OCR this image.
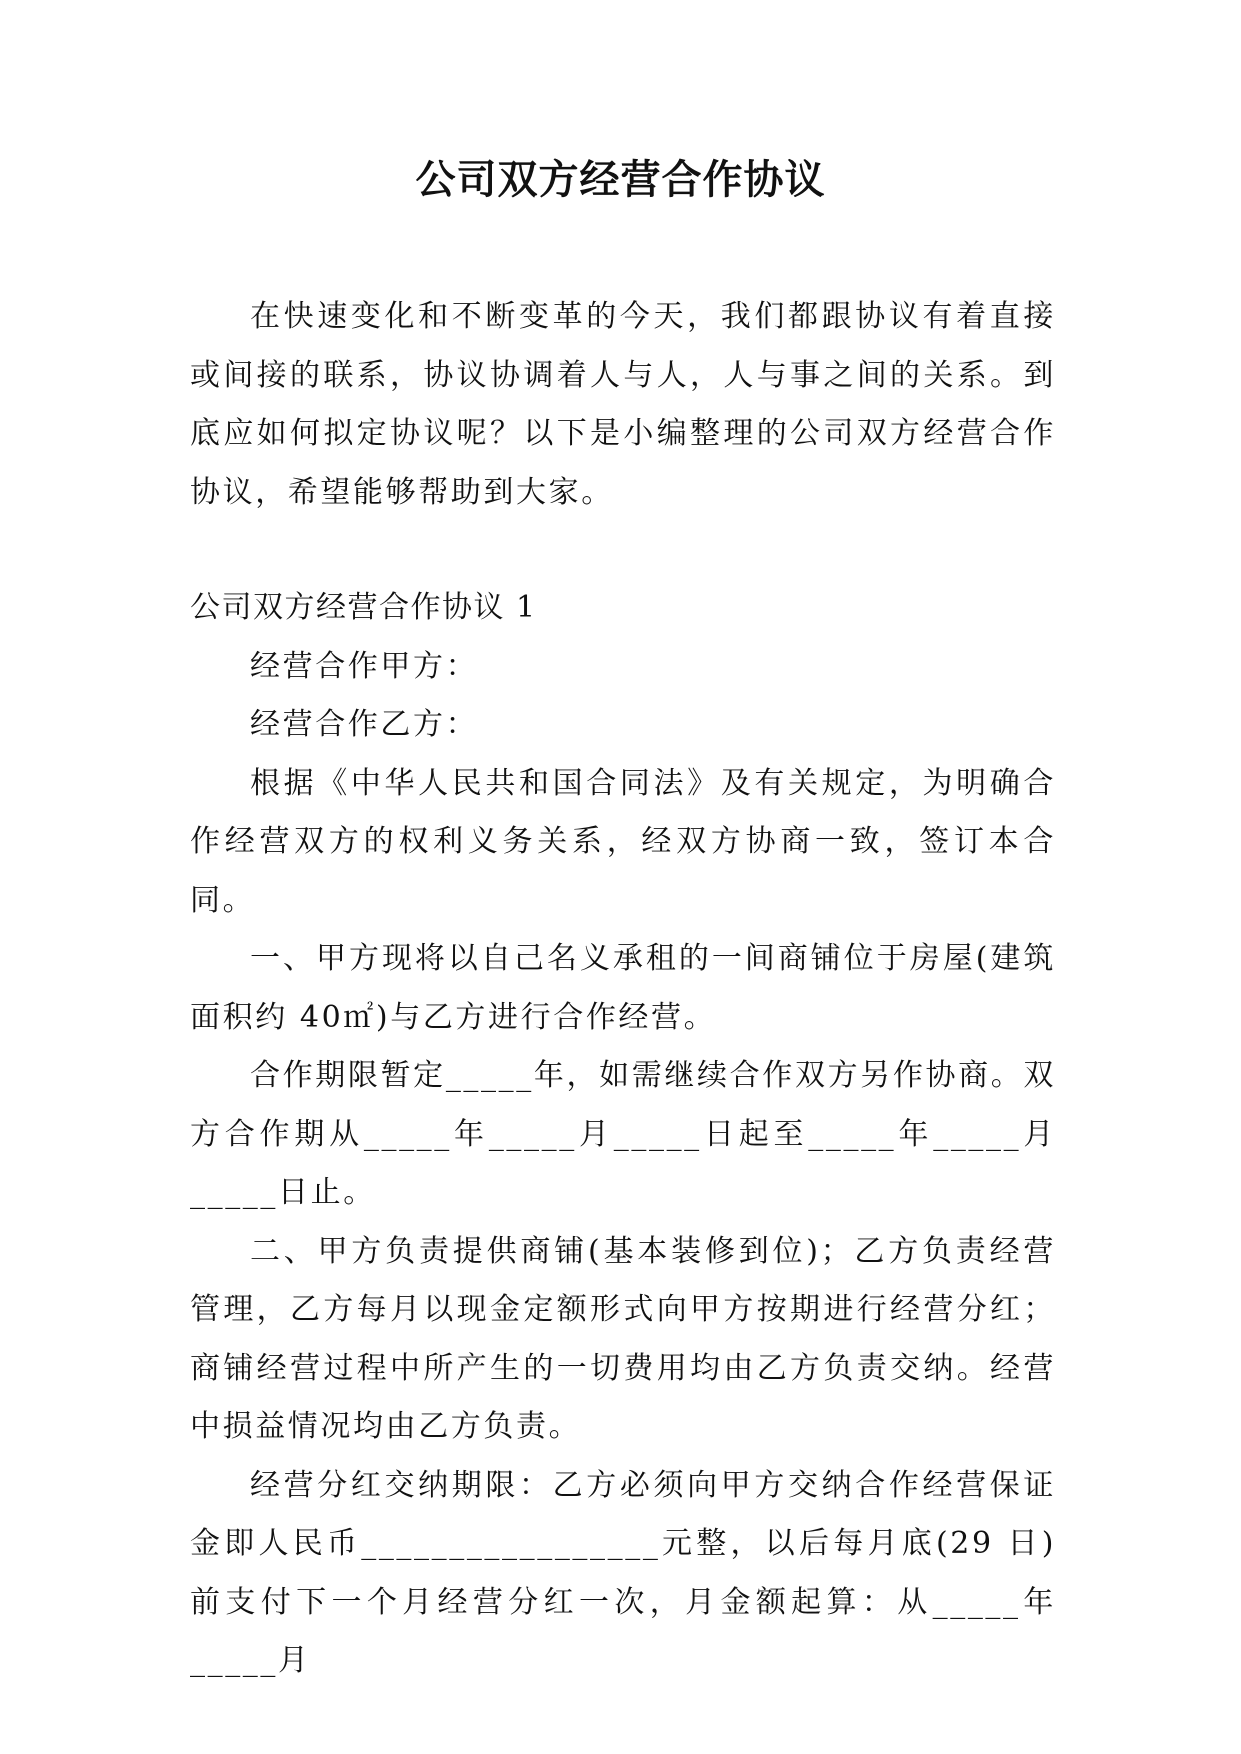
公司双方经营合作协议

在快速变化和不断变革的今天，我们都跟协议有着直接或间接的联系，协议协调着人与人，人与事之间的关系。到底应如何拟定协议呢？以下是小编整理的公司双方经营合作协议，希望能够帮助到大家。

公司双方经营合作协议 1

经营合作甲方：

经营合作乙方：

根据《中华人民共和国合同法》及有关规定，为明确合作经营双方的权利义务关系，经双方协商一致，签订本合同。

一、甲方现将以自己名义承租的一间商铺位于房屋(建筑面积约 40㎡)与乙方进行合作经营。

合作期限暂定_____年，如需继续合作双方另作协商。双方合作期从_____年_____月_____日起至_____年_____月_____日止。

二、甲方负责提供商铺(基本装修到位)；乙方负责经营管理，乙方每月以现金定额形式向甲方按期进行经营分红；商铺经营过程中所产生的一切费用均由乙方负责交纳。经营中损益情况均由乙方负责。

经营分红交纳期限：乙方必须向甲方交纳合作经营保证金即人民币_________________元整，以后每月底(29 日)前支付下一个月经营分红一次，月金额起算：从_____年_____月
